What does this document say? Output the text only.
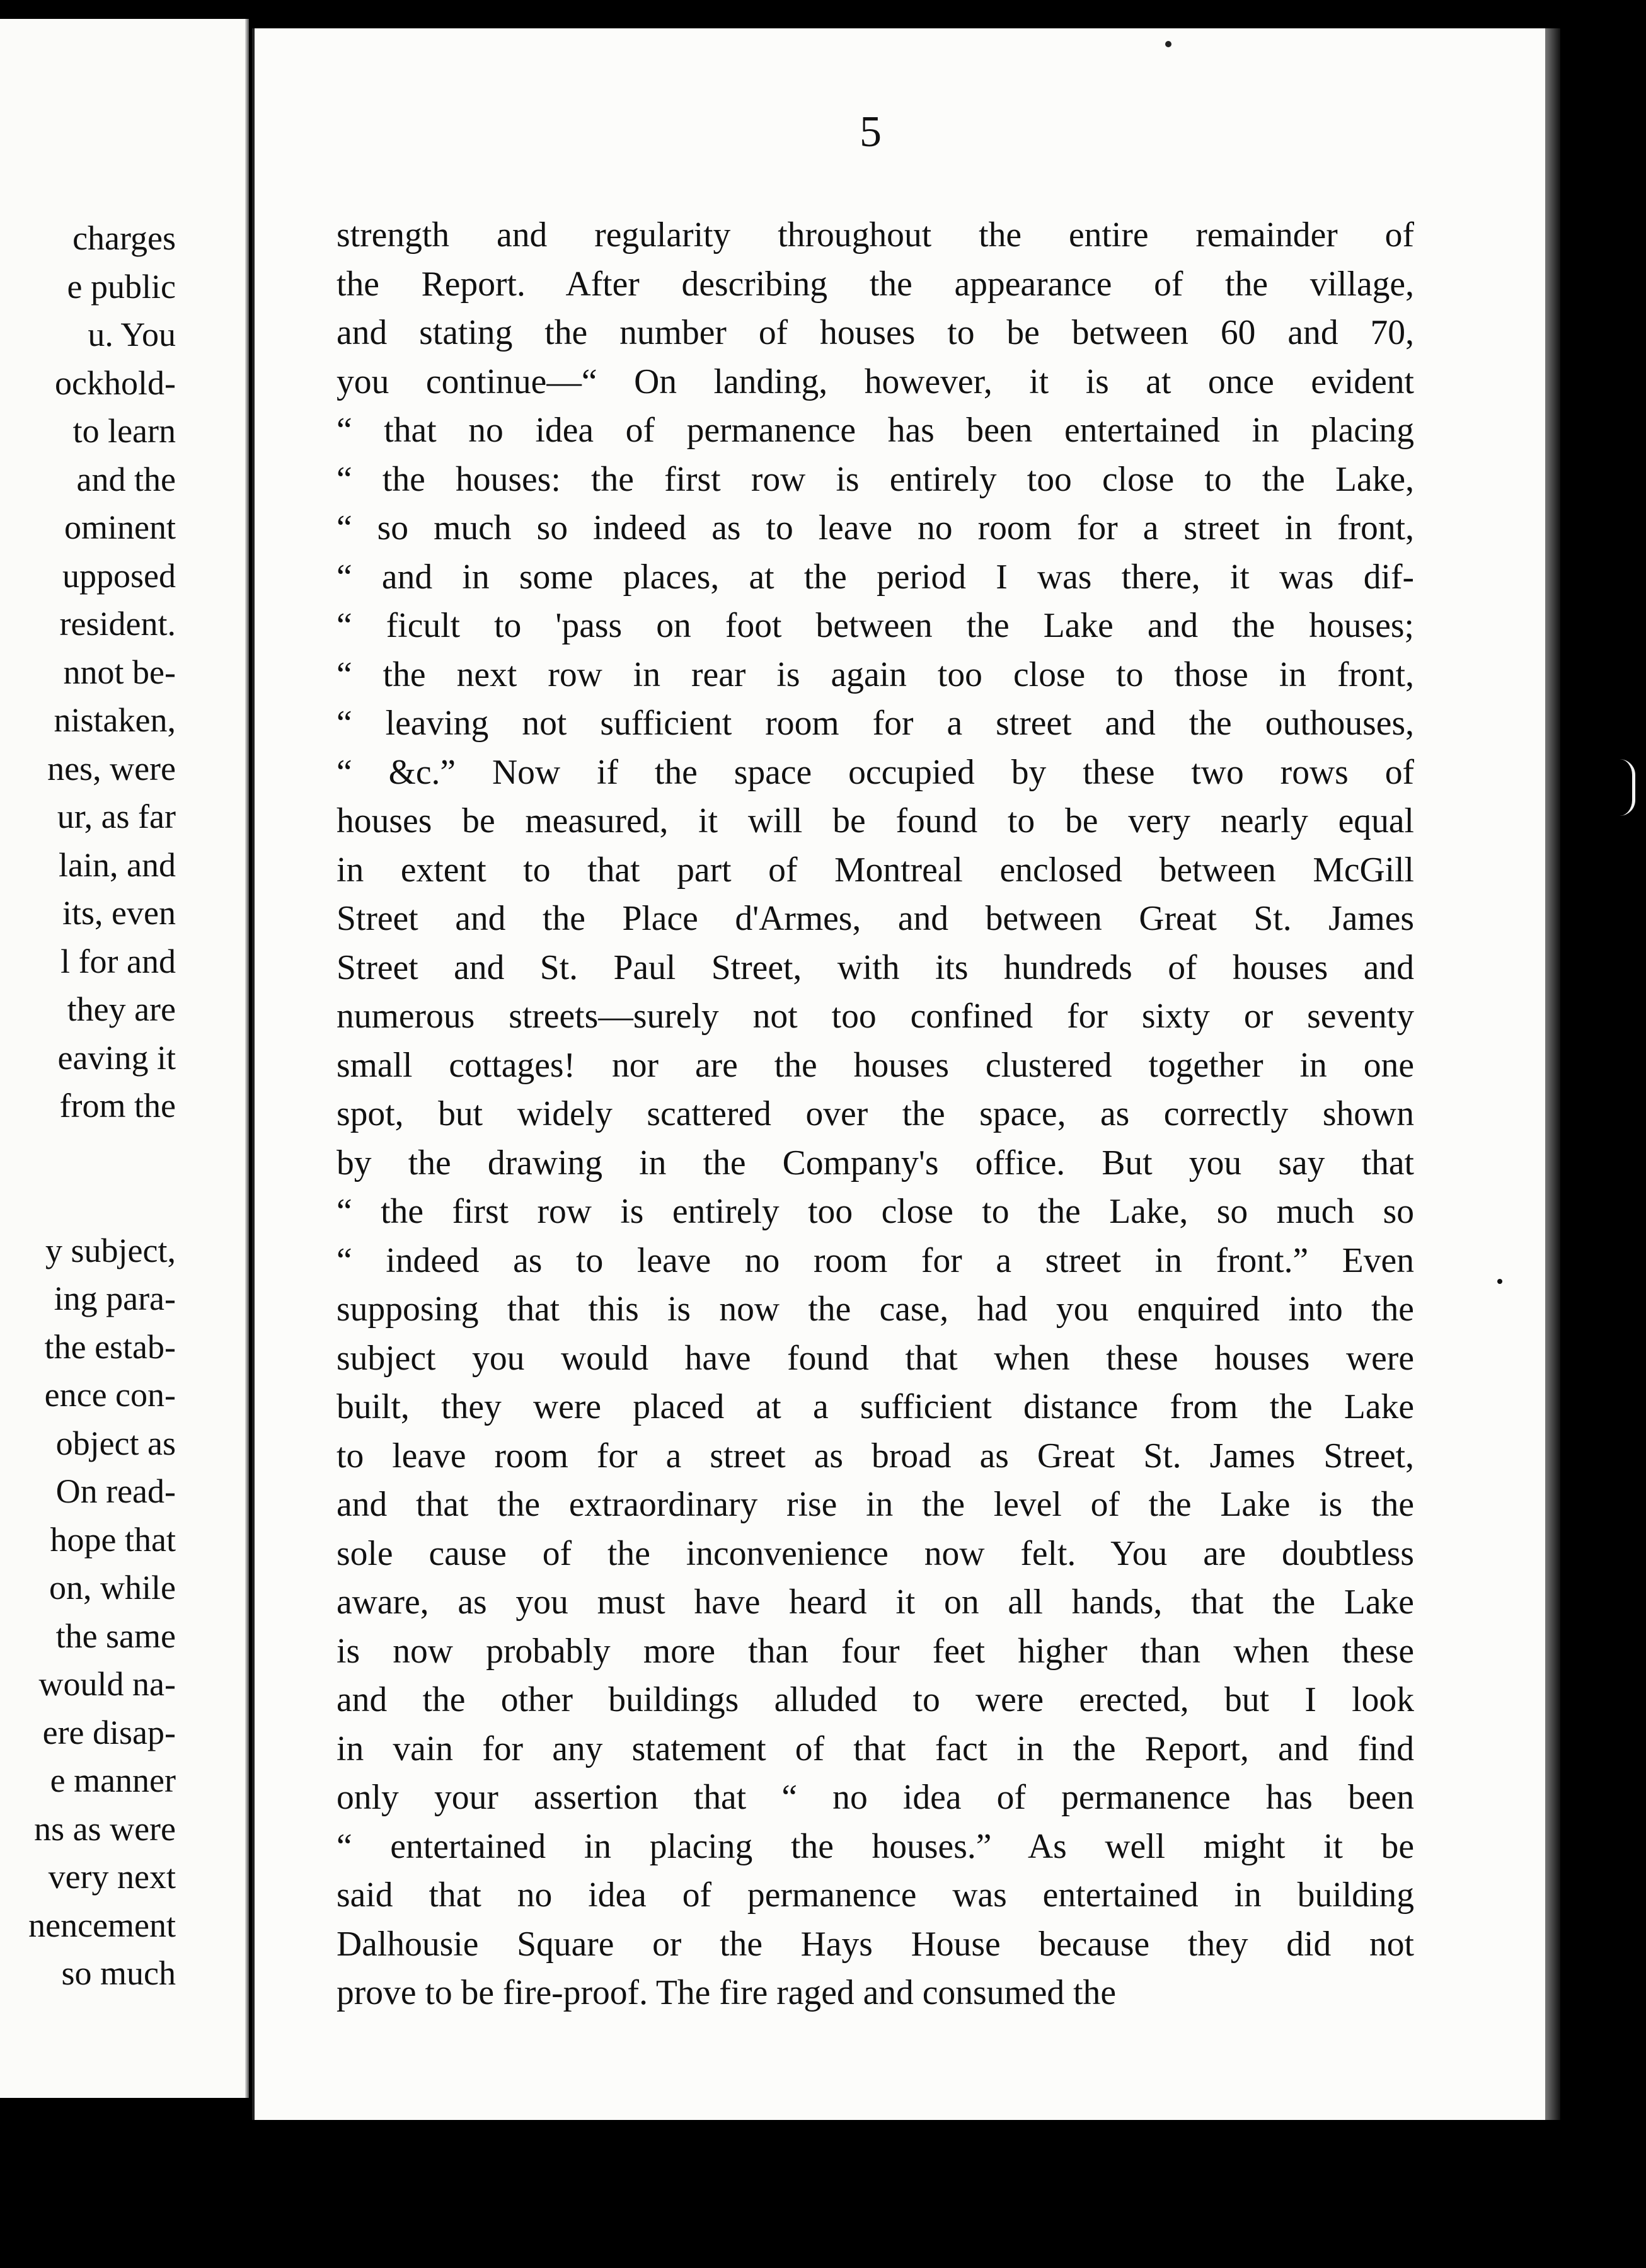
charges
e public
u. You
ockhold-
to learn
and the
ominent
upposed
resident.
nnot be-
nistaken,
nes, were
ur, as far
lain, and
its, even
l for and
they are
eaving it
from the
y subject,
ing para-
the estab-
ence con-
object as
On read-
hope that
on, while
the same
would na-
ere disap-
e manner
ns as were
very next
nencement
so much
5
strength and regularity throughout the entire remainder of
the Report. After describing the appearance of the village,
and stating the number of houses to be between 60 and 70,
you continue—“ On landing, however, it is at once evident
“ that no idea of permanence has been entertained in placing
“ the houses: the first row is entirely too close to the Lake,
“ so much so indeed as to leave no room for a street in front,
“ and in some places, at the period I was there, it was dif-
“ ficult to 'pass on foot between the Lake and the houses;
“ the next row in rear is again too close to those in front,
“ leaving not sufficient room for a street and the outhouses,
“ &c.” Now if the space occupied by these two rows of
houses be measured, it will be found to be very nearly equal
in extent to that part of Montreal enclosed between McGill
Street and the Place d'Armes, and between Great St. James
Street and St. Paul Street, with its hundreds of houses and
numerous streets—surely not too confined for sixty or seventy
small cottages! nor are the houses clustered together in one
spot, but widely scattered over the space, as correctly shown
by the drawing in the Company's office. But you say that
“ the first row is entirely too close to the Lake, so much so
“ indeed as to leave no room for a street in front.” Even
supposing that this is now the case, had you enquired into the
subject you would have found that when these houses were
built, they were placed at a sufficient distance from the Lake
to leave room for a street as broad as Great St. James Street,
and that the extraordinary rise in the level of the Lake is the
sole cause of the inconvenience now felt. You are doubtless
aware, as you must have heard it on all hands, that the Lake
is now probably more than four feet higher than when these
and the other buildings alluded to were erected, but I look
in vain for any statement of that fact in the Report, and find
only your assertion that “ no idea of permanence has been
“ entertained in placing the houses.” As well might it be
said that no idea of permanence was entertained in building
Dalhousie Square or the Hays House because they did not
prove to be fire-proof. The fire raged and consumed the
